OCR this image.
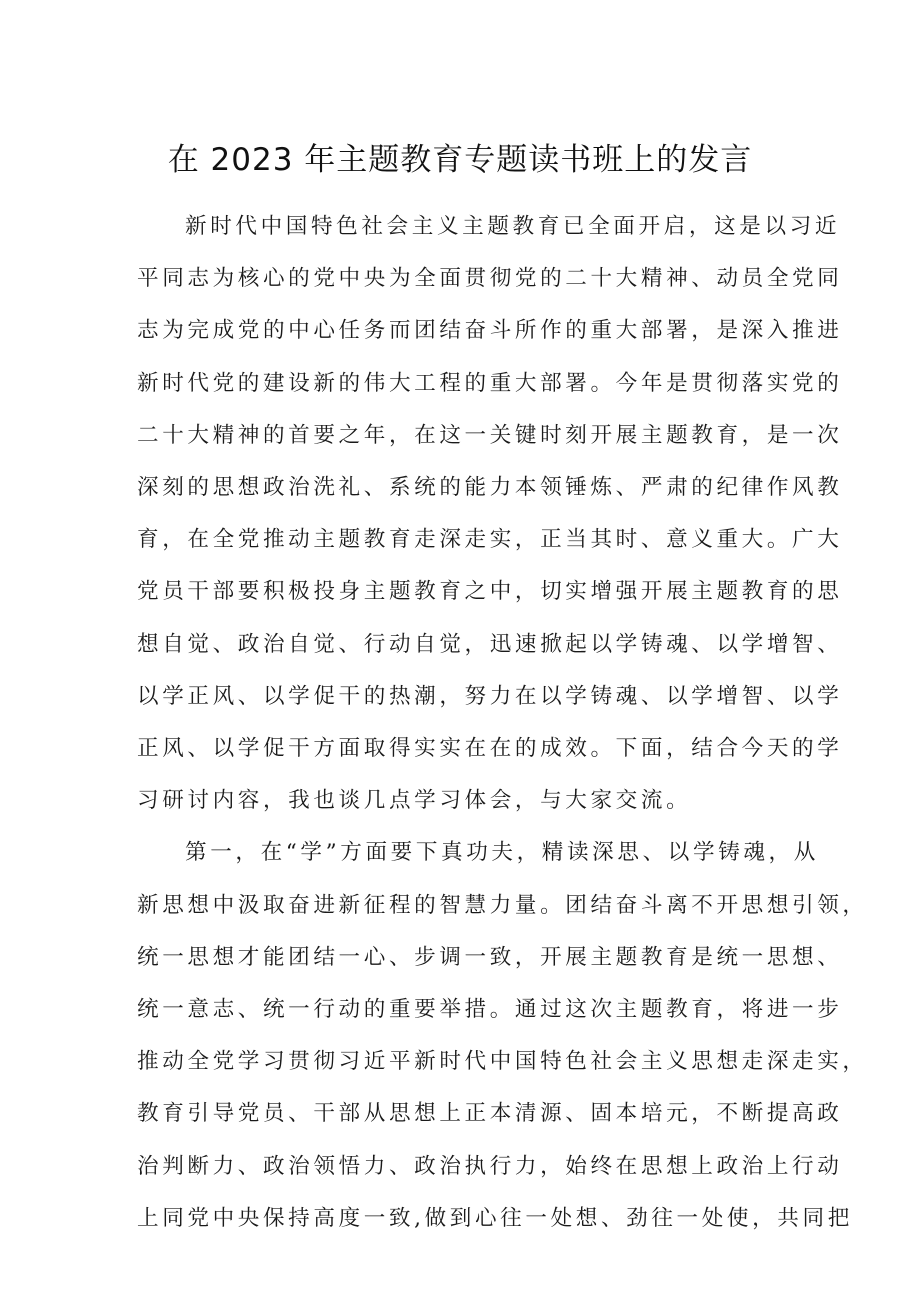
在 2023 年主题教育专题读书班上的发言
新时代中国特色社会主义主题教育已全面开启，这是以习近
平同志为核心的党中央为全面贯彻党的二十大精神、动员全党同
志为完成党的中心任务而团结奋斗所作的重大部署，是深入推进
新时代党的建设新的伟大工程的重大部署。今年是贯彻落实党的
二十大精神的首要之年，在这一关键时刻开展主题教育，是一次
深刻的思想政治洗礼、系统的能力本领锤炼、严肃的纪律作风教
育，在全党推动主题教育走深走实，正当其时、意义重大。广大
党员干部要积极投身主题教育之中，切实增强开展主题教育的思
想自觉、政治自觉、行动自觉，迅速掀起以学铸魂、以学增智、
以学正风、以学促干的热潮，努力在以学铸魂、以学增智、以学
正风、以学促干方面取得实实在在的成效。下面，结合今天的学
习研讨内容，我也谈几点学习体会，与大家交流。
第一，在“学”方面要下真功夫，精读深思、以学铸魂，从
新思想中汲取奋进新征程的智慧力量。团结奋斗离不开思想引领，
统一思想才能团结一心、步调一致，开展主题教育是统一思想、
统一意志、统一行动的重要举措。通过这次主题教育，将进一步
推动全党学习贯彻习近平新时代中国特色社会主义思想走深走实，
教育引导党员、干部从思想上正本清源、固本培元，不断提高政
治判断力、政治领悟力、政治执行力，始终在思想上政治上行动
上同党中央保持高度一致,做到心往一处想、劲往一处使，共同把
